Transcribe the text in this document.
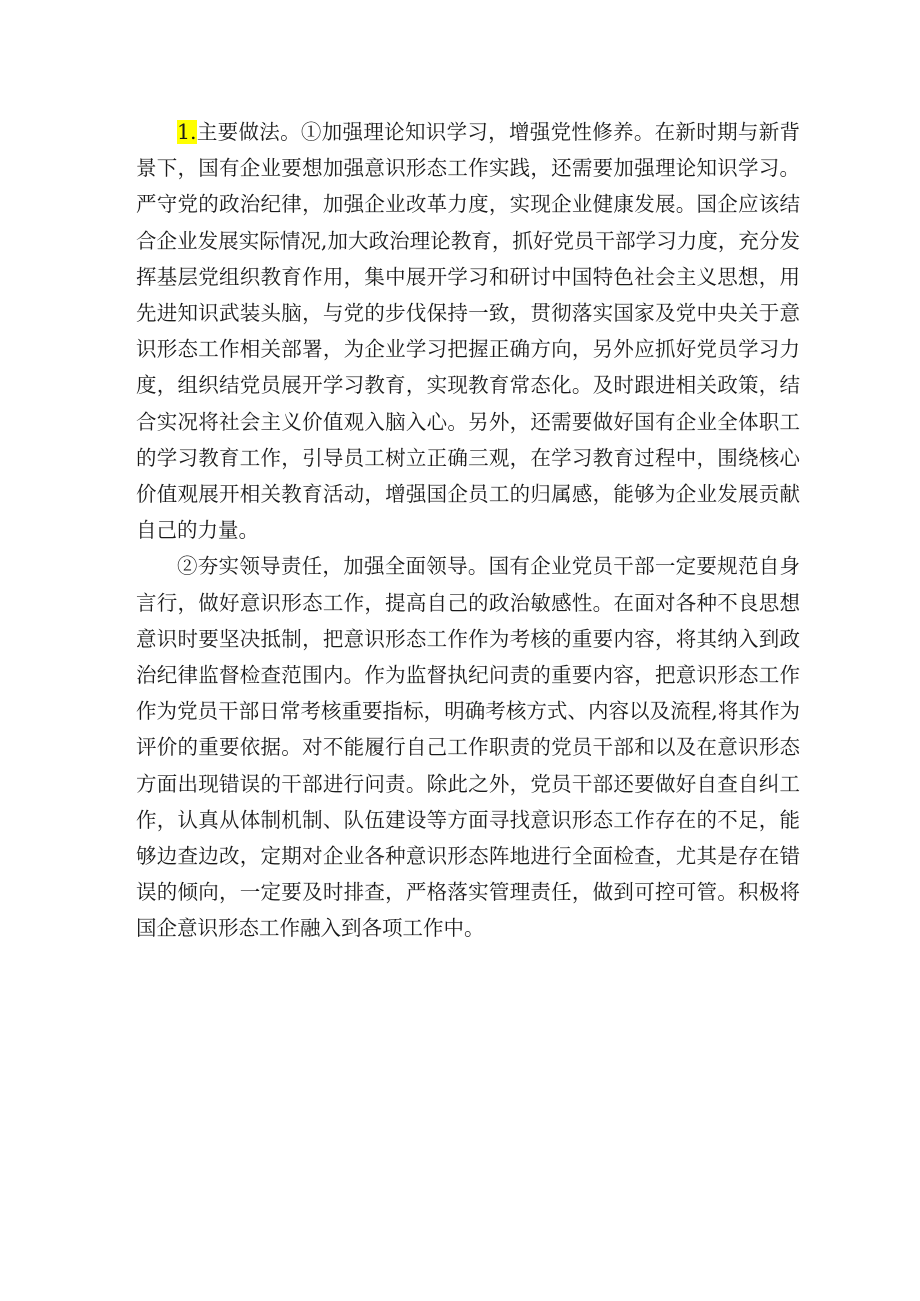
1.主要做法。①加强理论知识学习，增强党性修养。在新时期与新背景下，国有企业要想加强意识形态工作实践，还需要加强理论知识学习。严守党的政治纪律，加强企业改革力度，实现企业健康发展。国企应该结合企业发展实际情况,加大政治理论教育，抓好党员干部学习力度，充分发挥基层党组织教育作用，集中展开学习和研讨中国特色社会主义思想，用先进知识武装头脑，与党的步伐保持一致，贯彻落实国家及党中央关于意识形态工作相关部署，为企业学习把握正确方向，另外应抓好党员学习力度，组织结党员展开学习教育，实现教育常态化。及时跟进相关政策，结合实况将社会主义价值观入脑入心。另外，还需要做好国有企业全体职工的学习教育工作，引导员工树立正确三观，在学习教育过程中，围绕核心价值观展开相关教育活动，增强国企员工的归属感，能够为企业发展贡献自己的力量。

②夯实领导责任，加强全面领导。国有企业党员干部一定要规范自身言行，做好意识形态工作，提高自己的政治敏感性。在面对各种不良思想意识时要坚决抵制，把意识形态工作作为考核的重要内容，将其纳入到政治纪律监督检查范围内。作为监督执纪问责的重要内容，把意识形态工作作为党员干部日常考核重要指标，明确考核方式、内容以及流程,将其作为评价的重要依据。对不能履行自己工作职责的党员干部和以及在意识形态方面出现错误的干部进行问责。除此之外，党员干部还要做好自查自纠工作，认真从体制机制、队伍建设等方面寻找意识形态工作存在的不足，能够边查边改，定期对企业各种意识形态阵地进行全面检查，尤其是存在错误的倾向，一定要及时排查，严格落实管理责任，做到可控可管。积极将国企意识形态工作融入到各项工作中。
